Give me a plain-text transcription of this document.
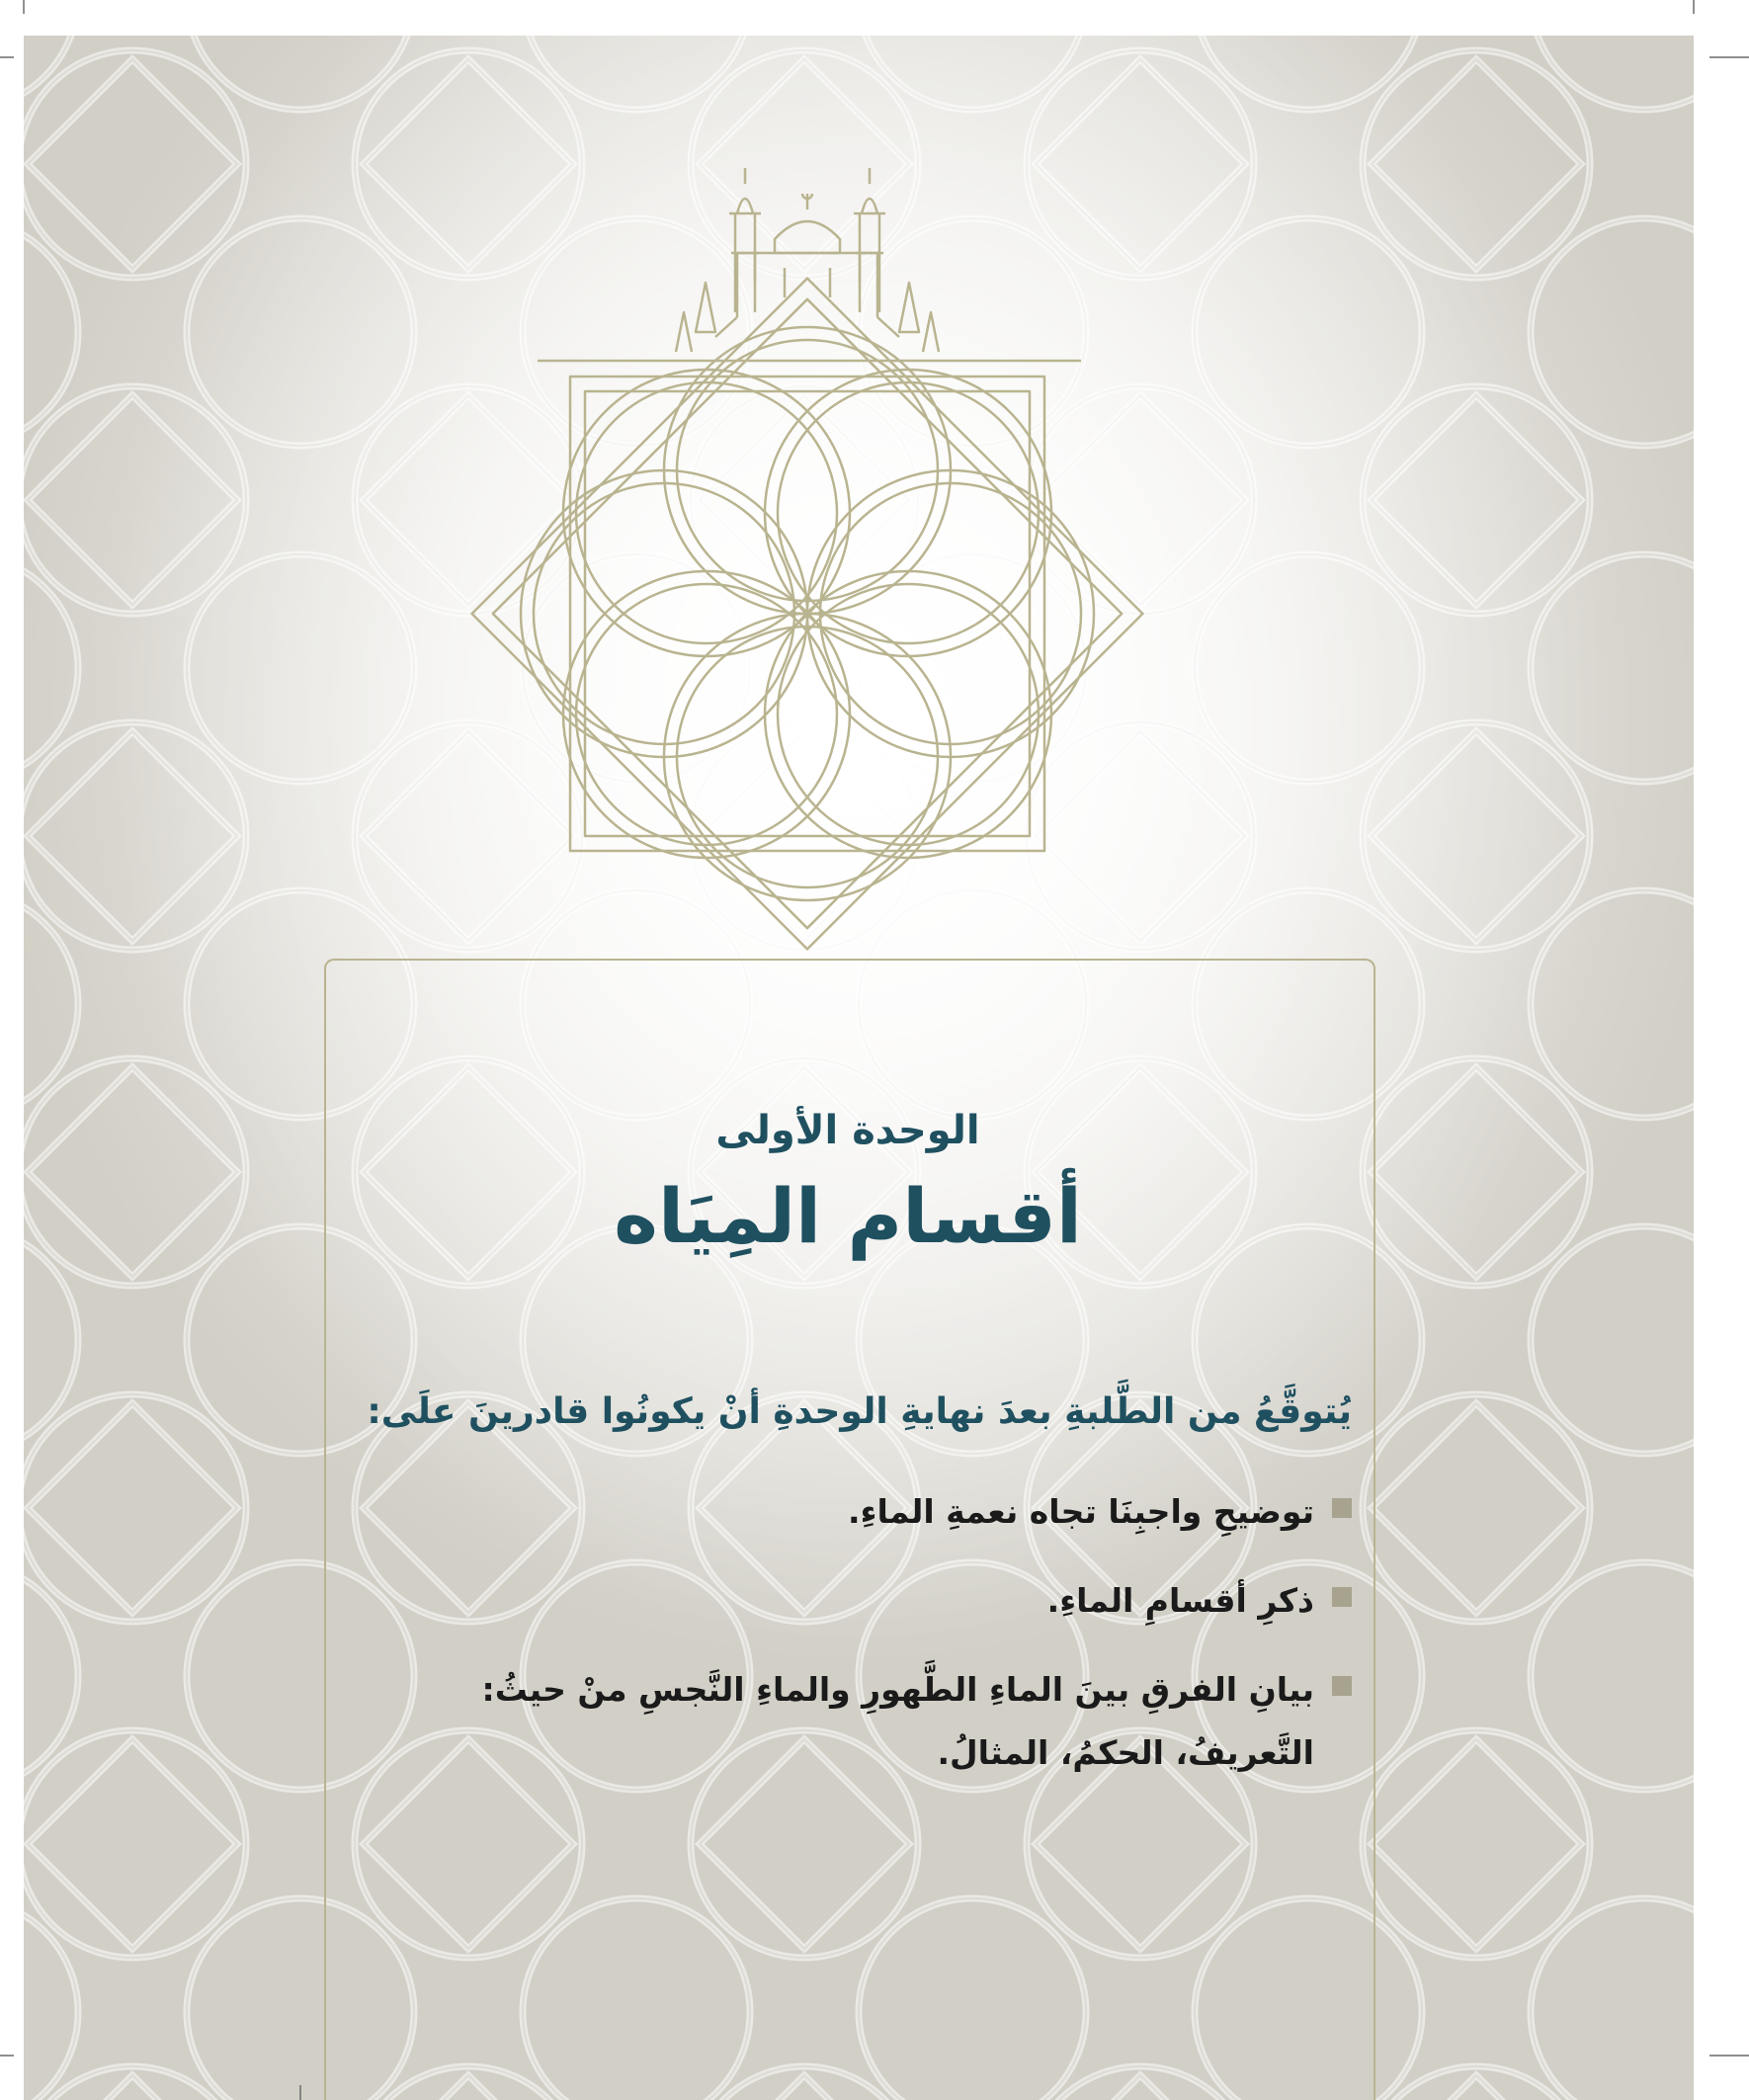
الوحدة الأولى
أقسام المِيَاه
يُتوقَّعُ من الطَّلبةِ بعدَ نهايةِ الوحدةِ أنْ يكونُوا قادرينَ علَى:
توضيحِ واجبِنَا تجاه نعمةِ الماءِ.
ذكرِ أقسامِ الماءِ.
بيانِ الفرقِ بينَ الماءِ الطَّهورِ والماءِ النَّجسِ منْ حيثُ: التَّعريفُ، الحكمُ، المثالُ.
